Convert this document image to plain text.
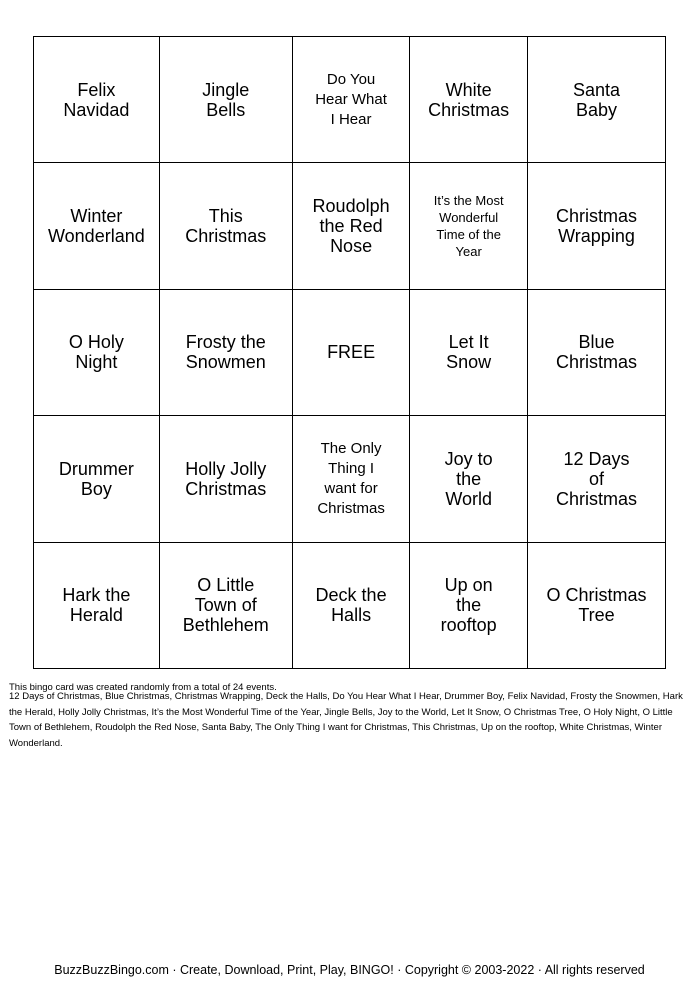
Felix Navidad
Jingle Bells
Do You Hear What I Hear
White Christmas
Santa Baby
Winter Wonderland
This Christmas
Roudolph the Red Nose
It’s the Most Wonderful Time of the Year
Christmas Wrapping
O Holy Night
Frosty the Snowmen	FREE	Let It Snow
Blue Christmas
Drummer Boy
Holly Jolly Christmas
The Only Thing I want for Christmas
Joy to the World
12 Days of Christmas
Hark the Herald
O Little Town of Bethlehem
Deck the Halls
Up on the rooftop
O Christmas Tree

This bingo card was created randomly from a total of 24 events.

12 Days of Christmas, Blue Christmas, Christmas Wrapping, Deck the Halls, Do You Hear What I Hear, Drummer Boy, Felix Navidad, Frosty the Snowmen, Hark the Herald, Holly Jolly Christmas, It’s the Most Wonderful Time of the Year, Jingle Bells, Joy to the World, Let It Snow, O Christmas Tree, O Holy Night, O Little Town of Bethlehem, Roudolph the Red Nose, Santa Baby, The Only Thing I want for Christmas, This Christmas, Up on the rooftop, White Christmas, Winter Wonderland.

BuzzBuzzBingo.com · Create, Download, Print, Play, BINGO! · Copyright © 2003-2022 · All rights reserved
